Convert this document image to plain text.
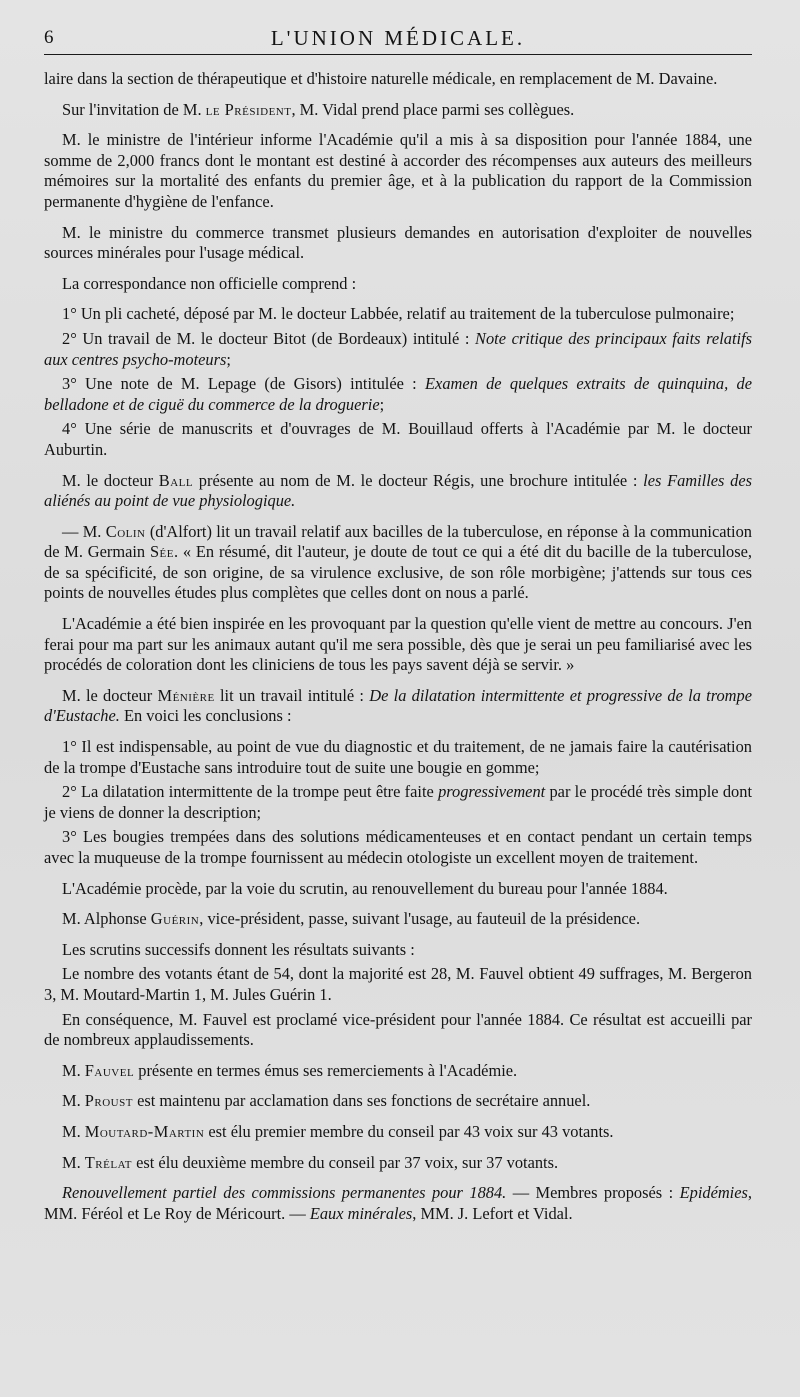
6	L'UNION MÉDICALE.

laire dans la section de thérapeutique et d'histoire naturelle médicale, en remplacement de M. Davaine.

Sur l'invitation de M. le Président, M. Vidal prend place parmi ses collègues.

M. le ministre de l'intérieur informe l'Académie qu'il a mis à sa disposition pour l'année 1884, une somme de 2,000 francs dont le montant est destiné à accorder des récompenses aux auteurs des meilleurs mémoires sur la mortalité des enfants du premier âge, et à la publication du rapport de la Commission permanente d'hygiène de l'enfance.

M. le ministre du commerce transmet plusieurs demandes en autorisation d'exploiter de nouvelles sources minérales pour l'usage médical.

La correspondance non officielle comprend :

1° Un pli cacheté, déposé par M. le docteur Labbée, relatif au traitement de la tuberculose pulmonaire;

2° Un travail de M. le docteur Bitot (de Bordeaux) intitulé : Note critique des principaux faits relatifs aux centres psycho-moteurs;

3° Une note de M. Lepage (de Gisors) intitulée : Examen de quelques extraits de quinquina, de belladone et de ciguë du commerce de la droguerie;

4° Une série de manuscrits et d'ouvrages de M. Bouillaud offerts à l'Académie par M. le docteur Auburtin.

M. le docteur Ball présente au nom de M. le docteur Régis, une brochure intitulée : les Familles des aliénés au point de vue physiologique.

— M. Colin (d'Alfort) lit un travail relatif aux bacilles de la tuberculose, en réponse à la communication de M. Germain Sée. « En résumé, dit l'auteur, je doute de tout ce qui a été dit du bacille de la tuberculose, de sa spécificité, de son origine, de sa virulence exclusive, de son rôle morbigène; j'attends sur tous ces points de nouvelles études plus complètes que celles dont on nous a parlé.

L'Académie a été bien inspirée en les provoquant par la question qu'elle vient de mettre au concours. J'en ferai pour ma part sur les animaux autant qu'il me sera possible, dès que je serai un peu familiarisé avec les procédés de coloration dont les cliniciens de tous les pays savent déjà se servir. »

M. le docteur Ménière lit un travail intitulé : De la dilatation intermittente et progressive de la trompe d'Eustache. En voici les conclusions :

1° Il est indispensable, au point de vue du diagnostic et du traitement, de ne jamais faire la cautérisation de la trompe d'Eustache sans introduire tout de suite une bougie en gomme;

2° La dilatation intermittente de la trompe peut être faite progressivement par le procédé très simple dont je viens de donner la description;

3° Les bougies trempées dans des solutions médicamenteuses et en contact pendant un certain temps avec la muqueuse de la trompe fournissent au médecin otologiste un excellent moyen de traitement.

L'Académie procède, par la voie du scrutin, au renouvellement du bureau pour l'année 1884.

M. Alphonse Guérin, vice-président, passe, suivant l'usage, au fauteuil de la présidence.

Les scrutins successifs donnent les résultats suivants :

Le nombre des votants étant de 54, dont la majorité est 28, M. Fauvel obtient 49 suffrages, M. Bergeron 3, M. Moutard-Martin 1, M. Jules Guérin 1.

En conséquence, M. Fauvel est proclamé vice-président pour l'année 1884. Ce résultat est accueilli par de nombreux applaudissements.

M. Fauvel présente en termes émus ses remerciements à l'Académie.

M. Proust est maintenu par acclamation dans ses fonctions de secrétaire annuel.

M. Moutard-Martin est élu premier membre du conseil par 43 voix sur 43 votants.

M. Trélat est élu deuxième membre du conseil par 37 voix, sur 37 votants.

Renouvellement partiel des commissions permanentes pour 1884. — Membres proposés : Epidémies, MM. Féréol et Le Roy de Méricourt. — Eaux minérales, MM. J. Lefort et Vidal.
